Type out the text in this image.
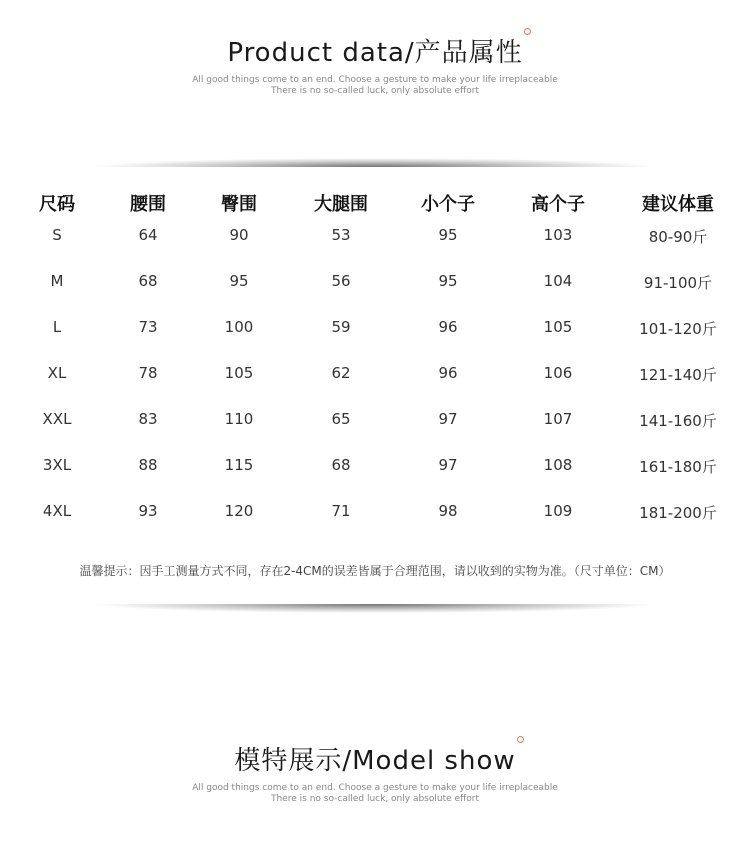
Product data/产品属性
All good things come to an end. Choose a gesture to make your life irreplaceable
There is no so-called luck, only absolute effort
尺码	腰围	臀围	大腿围	小个子	高个子	建议体重
S	64	90	53	95	103	80-90斤
M	68	95	56	95	104	91-100斤
L	73	100	59	96	105	101-120斤
XL	78	105	62	96	106	121-140斤
XXL	83	110	65	97	107	141-160斤
3XL	88	115	68	97	108	161-180斤
4XL	93	120	71	98	109	181-200斤
温馨提示：因手工测量方式不同，存在2-4CM的误差皆属于合理范围，请以收到的实物为准。（尺寸单位：CM）
模特展示/Model show
All good things come to an end. Choose a gesture to make your life irreplaceable
There is no so-called luck, only absolute effort
